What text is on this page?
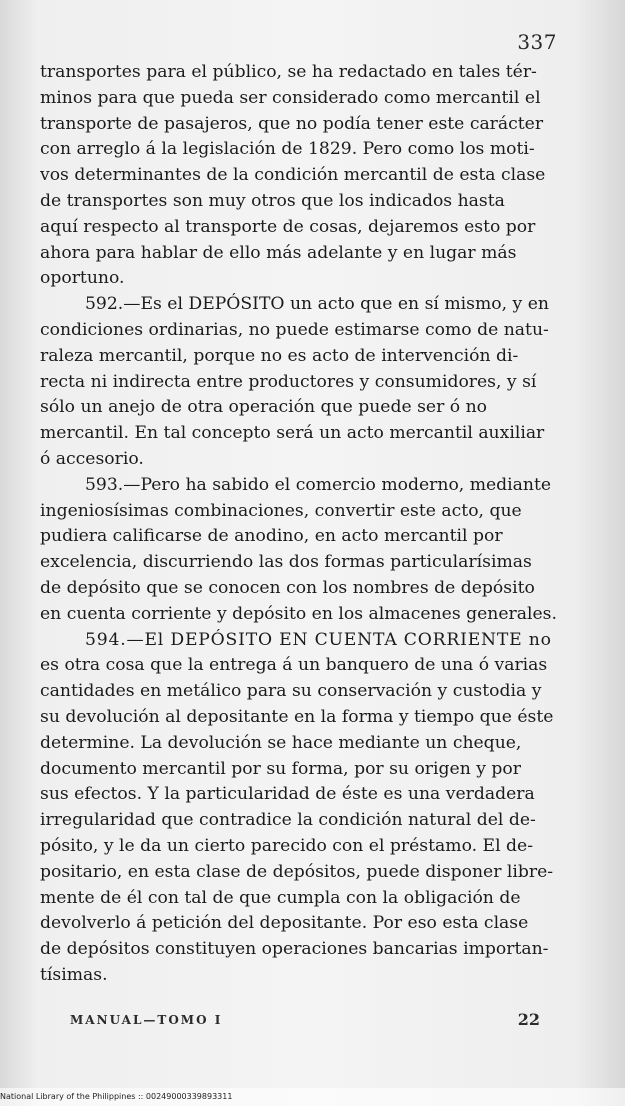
337

transportes para el público, se ha redactado en tales tér-
minos para que pueda ser considerado como mercantil el
transporte de pasajeros, que no podía tener este carácter
con arreglo á la legislación de 1829. Pero como los moti-
vos determinantes de la condición mercantil de esta clase
de transportes son muy otros que los indicados hasta
aquí respecto al transporte de cosas, dejaremos esto por
ahora para hablar de ello más adelante y en lugar más
oportuno.

592.—Es el DEPÓSITO un acto que en sí mismo, y en
condiciones ordinarias, no puede estimarse como de natu-
raleza mercantil, porque no es acto de intervención di-
recta ni indirecta entre productores y consumidores, y sí
sólo un anejo de otra operación que puede ser ó no
mercantil. En tal concepto será un acto mercantil auxiliar
ó accesorio.

593.—Pero ha sabido el comercio moderno, mediante
ingeniosísimas combinaciones, convertir este acto, que
pudiera calificarse de anodino, en acto mercantil por
excelencia, discurriendo las dos formas particularísimas
de depósito que se conocen con los nombres de depósito
en cuenta corriente y depósito en los almacenes generales.

594.—El DEPÓSITO EN CUENTA CORRIENTE no
es otra cosa que la entrega á un banquero de una ó varias
cantidades en metálico para su conservación y custodia y
su devolución al depositante en la forma y tiempo que éste
determine. La devolución se hace mediante un cheque,
documento mercantil por su forma, por su origen y por
sus efectos. Y la particularidad de éste es una verdadera
irregularidad que contradice la condición natural del de-
pósito, y le da un cierto parecido con el préstamo. El de-
positario, en esta clase de depósitos, puede disponer libre-
mente de él con tal de que cumpla con la obligación de
devolverlo á petición del depositante. Por eso esta clase
de depósitos constituyen operaciones bancarias importan-
tísimas.

MANUAL—TOMO I	22
National Library of the Philippines :: 00249000339893311
